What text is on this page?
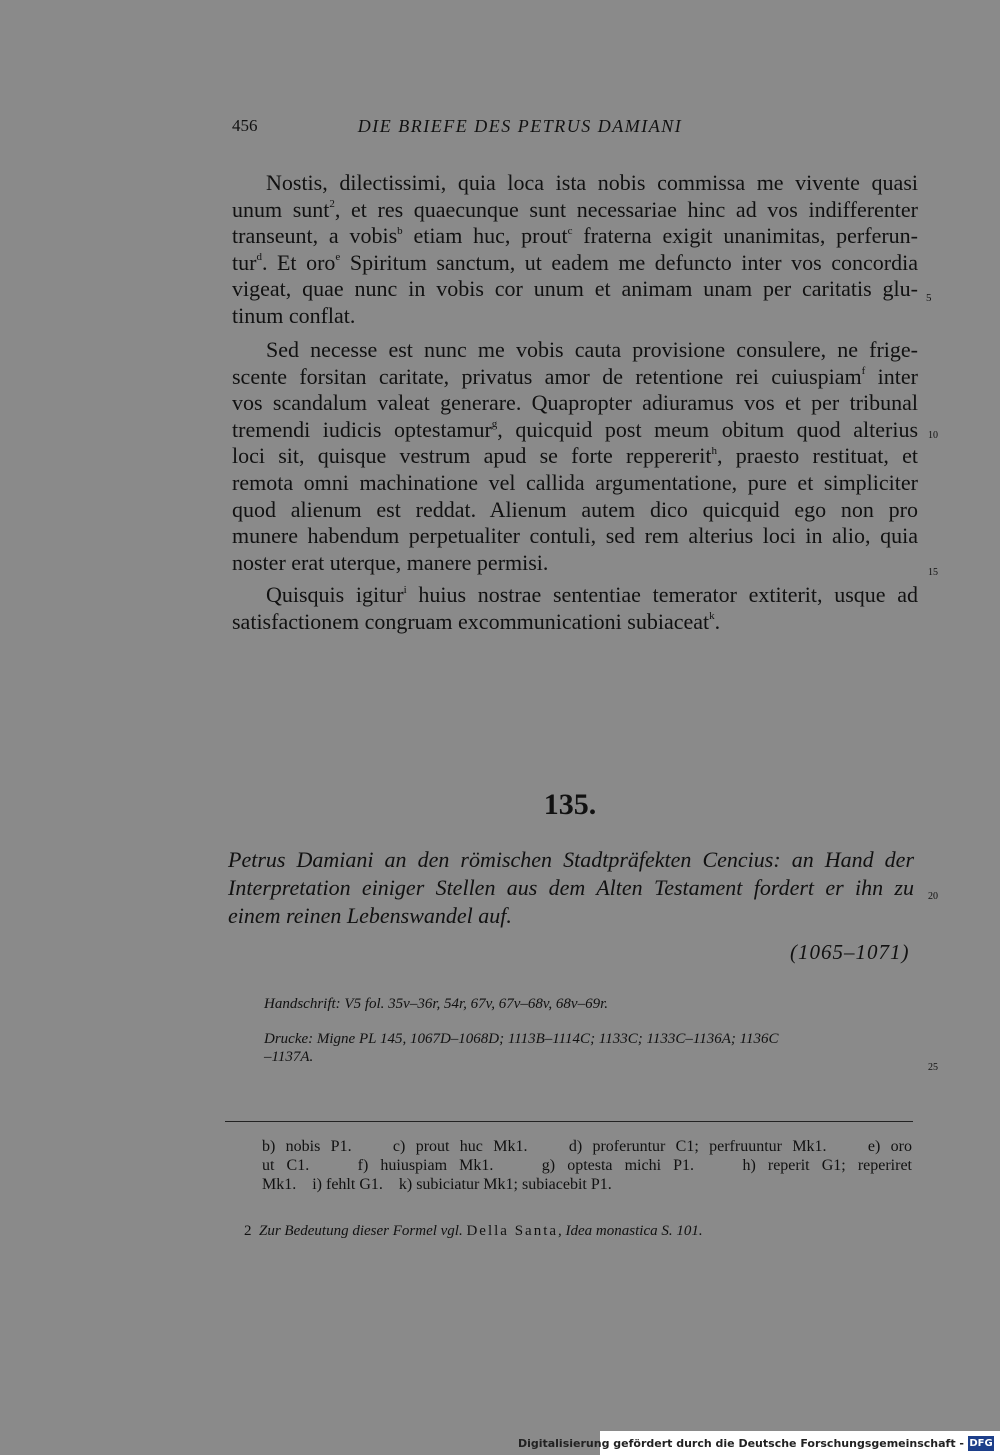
456	DIE BRIEFE DES PETRUS DAMIANI
Nostis, dilectissimi, quia loca ista nobis commissa me vivente quasi
unum sunt$^2$, et res quaecunque sunt necessariae hinc ad vos indifferenter
transeunt, a vobis$^b$ etiam huc, prout$^c$ fraterna exigit unanimitas, perferun-
tur$^d$. Et oro$^e$ Spiritum sanctum, ut eadem me defuncto inter vos concordia
vigeat, quae nunc in vobis cor unum et animam unam per caritatis glu-
tinum conflat.
Sed necesse est nunc me vobis cauta provisione consulere, ne frige-
scente forsitan caritate, privatus amor de retentione rei cuiuspiam$^f$ inter
vos scandalum valeat generare. Quapropter adiuramus vos et per tribunal
tremendi iudicis optestamur$^g$, quicquid post meum obitum quod alterius
loci sit, quisque vestrum apud se forte reppererit$^h$, praesto restituat, et
remota omni machinatione vel callida argumentatione, pure et simpliciter
quod alienum est reddat. Alienum autem dico quicquid ego non pro
munere habendum perpetualiter contuli, sed rem alterius loci in alio, quia
noster erat uterque, manere permisi.
Quisquis igitur$^i$ huius nostrae sententiae temerator extiterit, usque ad
satisfactionem congruam excommunicationi subiaceat$^k$.
5
10
15
20
25
135.
Petrus Damiani an den römischen Stadtpräfekten Cencius: an Hand der
Interpretation einiger Stellen aus dem Alten Testament fordert er ihn zu
einem reinen Lebenswandel auf.
(1065–1071)
Handschrift: V5 fol. 35v–36r, 54r, 67v, 67v–68v, 68v–69r.
Drucke: Migne PL 145, 1067D–1068D; 1113B–1114C; 1133C; 1133C–1136A; 1136C
–1137A.
b) nobis P1.    c) prout huc Mk1.    d) proferuntur C1; perfruuntur Mk1.    e) oro
ut C1.    f) huiuspiam Mk1.    g) optesta michi P1.    h) reperit G1; reperiret
Mk1.    i) fehlt G1.    k) subiciatur Mk1; subiacebit P1.
2 Zur Bedeutung dieser Formel vgl. Della Santa, Idea monastica S. 101.
Digitalisierung gefördert durch die Deutsche Forschungsgemeinschaft - DFG
